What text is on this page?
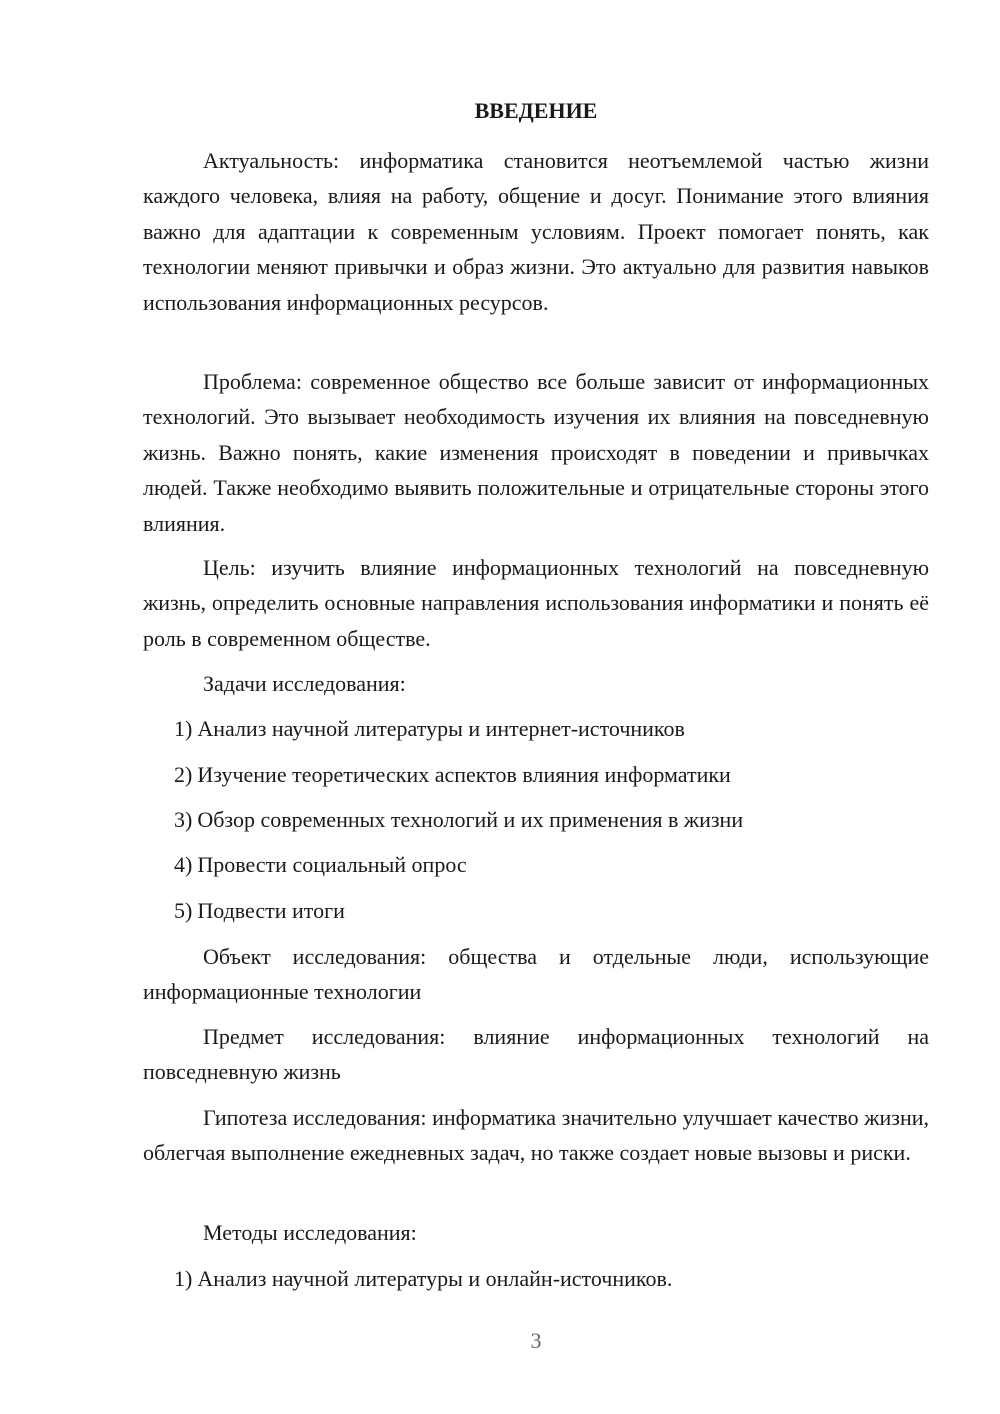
ВВЕДЕНИЕ

Актуальность: информатика становится неотъемлемой частью жизни каждого человека, влияя на работу, общение и досуг. Понимание этого влияния важно для адаптации к современным условиям. Проект помогает понять, как технологии меняют привычки и образ жизни. Это актуально для развития навыков использования информационных ресурсов.

Проблема: современное общество все больше зависит от информационных технологий. Это вызывает необходимость изучения их влияния на повседневную жизнь. Важно понять, какие изменения происходят в поведении и привычках людей. Также необходимо выявить положительные и отрицательные стороны этого влияния.

Цель: изучить влияние информационных технологий на повседневную жизнь, определить основные направления использования информатики и понять её роль в современном обществе.

Задачи исследования:

1) Анализ научной литературы и интернет-источников
2) Изучение теоретических аспектов влияния информатики
3) Обзор современных технологий и их применения в жизни
4) Провести социальный опрос
5) Подвести итоги

Объект исследования: общества и отдельные люди, использующие информационные технологии

Предмет исследования: влияние информационных технологий на повседневную жизнь

Гипотеза исследования: информатика значительно улучшает качество жизни, облегчая выполнение ежедневных задач, но также создает новые вызовы и риски.

Методы исследования:

1) Анализ научной литературы и онлайн-источников.
3
